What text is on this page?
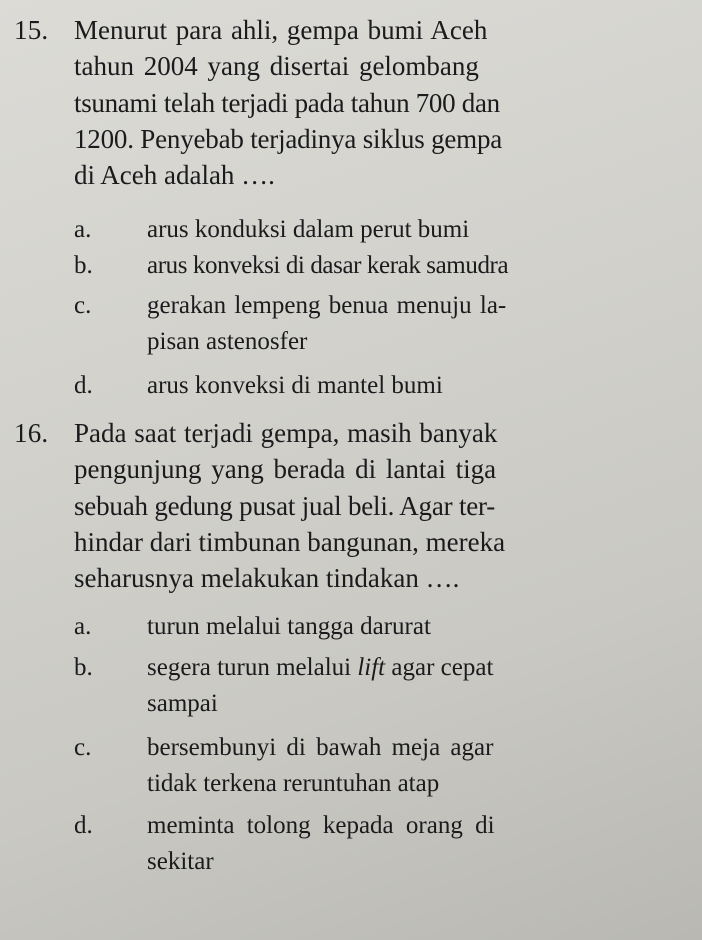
15. Menurut para ahli, gempa bumi Aceh
tahun 2004 yang disertai gelombang
tsunami telah terjadi pada tahun 700 dan
1200. Penyebab terjadinya siklus gempa
di Aceh adalah ….
a.	arus konduksi dalam perut bumi
b.	arus konveksi di dasar kerak samudra
c.	gerakan lempeng benua menuju la-
pisan astenosfer
d.	arus konveksi di mantel bumi
16. Pada saat terjadi gempa, masih banyak
pengunjung yang berada di lantai tiga
sebuah gedung pusat jual beli. Agar ter-
hindar dari timbunan bangunan, mereka
seharusnya melakukan tindakan ….
a.	turun melalui tangga darurat
b.	segera turun melalui lift agar cepat
sampai
c.	bersembunyi di bawah meja agar
tidak terkena reruntuhan atap
d.	meminta tolong kepada orang di
sekitar
